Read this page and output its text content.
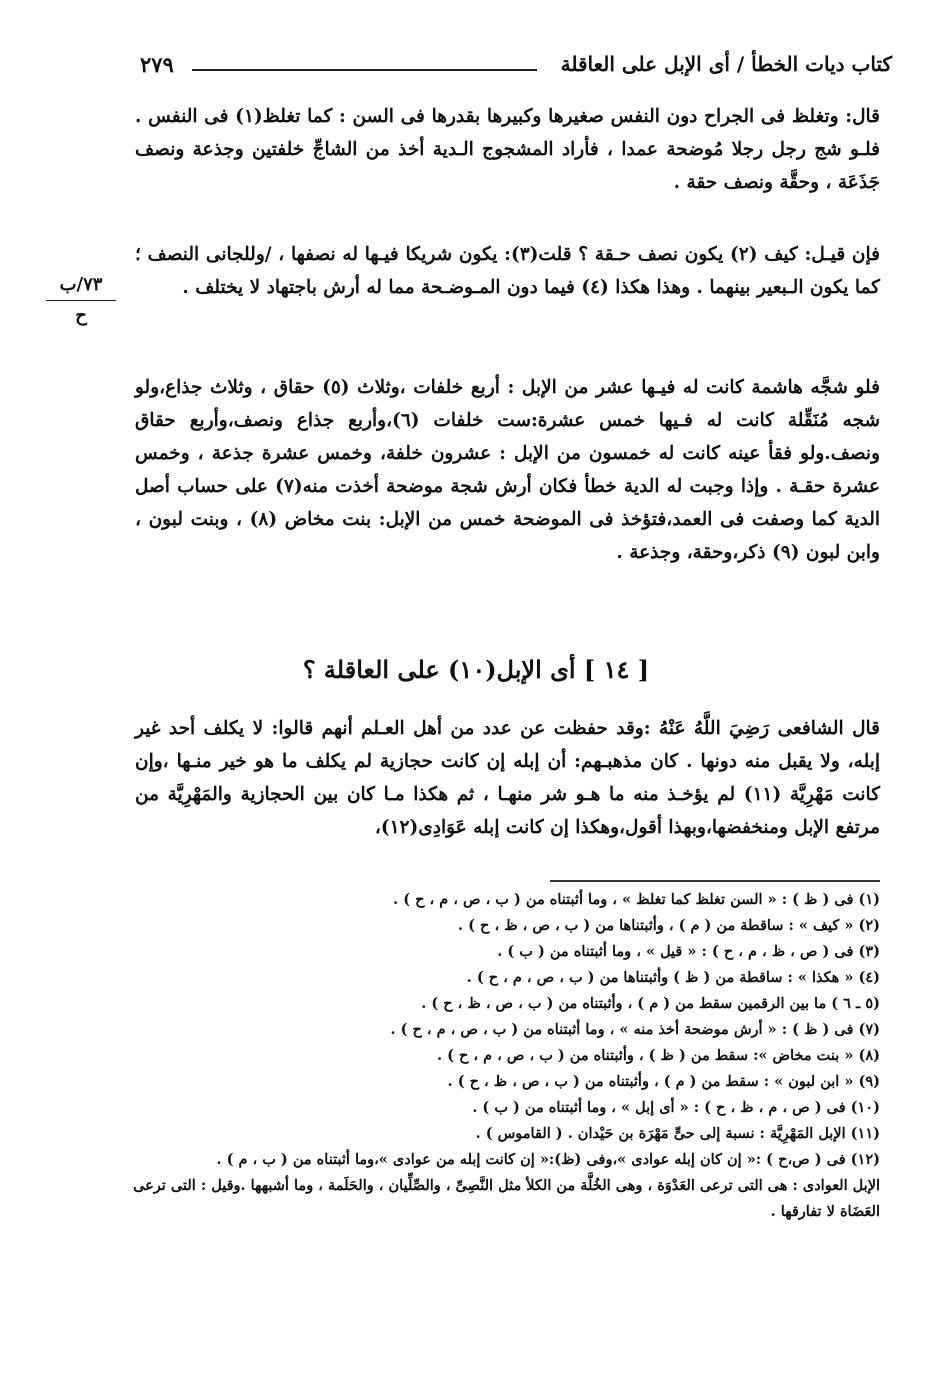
كتاب ديات الخطأ / أى الإبل على العاقلة
٢٧٩
٧٣/ب
ح

قال: وتغلظ فى الجراح دون النفس صغيرها وكبيرها بقدرها فى السن : كما تغلظ(١) فى النفس . فلـو شج رجل رجلا مُوضحة عمدا ، فأراد المشجوج الـدية أخذ من الشاجِّ خلفتين وجذعة ونصف جَذَعَة ، وحقَّة ونصف حقة .

فإن قيـل: كيف (٢) يكون نصف حـقة ؟ قلت(٣): يكون شريكا فيـها له نصفها ، /وللجانى النصف ؛ كما يكون الـبعير بينهما . وهذا هكذا (٤) فيما دون المـوضـحة مما له أرش باجتهاد لا يختلف .

فلو شجَّه هاشمة كانت له فيـها عشر من الإبل : أربع خلفات ،وثلاث (٥) حقاق ، وثلاث جذاع،ولو شجه مُنَقِّلة كانت له فـيها خمس عشرة:ست خلفات (٦)،وأربع جذاع ونصف،وأربع حقاق ونصف.ولو فقأ عينه كانت له خمسون من الإبل : عشرون خلفة، وخمس عشرة جذعة ، وخمس عشرة حقـة . وإذا وجبت له الدية خطأ فكان أرش شجة موضحة أخذت منه(٧) على حساب أصل الدية كما وصفت فى العمد،فتؤخذ فى الموضحة خمس من الإبل: بنت مخاض (٨) ، وبنت لبون ، وابن لبون (٩) ذكر،وحقة، وجذعة .

[ ١٤ ] أى الإبل(١٠) على العاقلة ؟

قال الشافعى رَضِيَ اللَّهُ عَنْهُ :وقد حفظت عن عدد من أهل العـلم أنهم قالوا: لا يكلف أحد غير إبله، ولا يقبل منه دونها . كان مذهبـهم: أن إبله إن كانت حجازية لم يكلف ما هو خير منـها ،وإن كانت مَهْرِيَّة (١١) لم يؤخـذ منه ما هـو شر منهـا ، ثم هكذا مـا كان بين الحجازية والمَهْرِيَّة من مرتفع الإبل ومنخفضها،وبهذا أقول،وهكذا إن كانت إبله عَوَادِى(١٢)،

(١) فى ( ظ ) : « السن تغلظ كما تغلظ » ، وما أثبتناه من ( ب ، ص ، م ، ح ) .
(٢) « كيف » : ساقطة من ( م ) ، وأثبتناها من ( ب ، ص ، ظ ، ح ) .
(٣) فى ( ص ، ظ ، م ، ح ) : « قيل » ، وما أثبتناه من ( ب ) .
(٤) « هكذا » : ساقطة من ( ظ ) وأثبتناها من ( ب ، ص ، م ، ح ) .
(٥ ـ ٦ ) ما بين الرقمين سقط من ( م ) ، وأثبتناه من ( ب ، ص ، ظ ، ح ) .
(٧) فى ( ظ ) : « أرش موضحة أخذ منه » ، وما أثبتناه من ( ب ، ص ، م ، ح ) .
(٨) « بنت مخاض »: سقط من ( ظ ) ، وأثبتناه من ( ب ، ص ، م ، ح ) .
(٩) « ابن لبون » : سقط من ( م ) ، وأثبتناه من ( ب ، ص ، ظ ، ح ) .
(١٠) فى ( ص ، م ، ظ ، ح ) : « أى إبل » ، وما أثبتناه من ( ب ) .
(١١) الإبل المَهْرِيَّة : نسبة إلى حىٍّ مَهْرَة بن حَيْدان . ( القاموس ) .
(١٢) فى ( ص،ح ) :« إن كان إبله عوادى »،وفى (ظ):« إن كانت إبله من عوادى »،وما أثبتناه من ( ب ، م ) .
الإبل العوادى : هى التى ترعى العَدْوَة ، وهى الخُلَّة من الكلأ مثل النَّصِىِّ ، والصِّلِّيان ، والحَلَمة ، وما أشبهها .وقيل : التى ترعى العَضَاة لا تفارقها .
